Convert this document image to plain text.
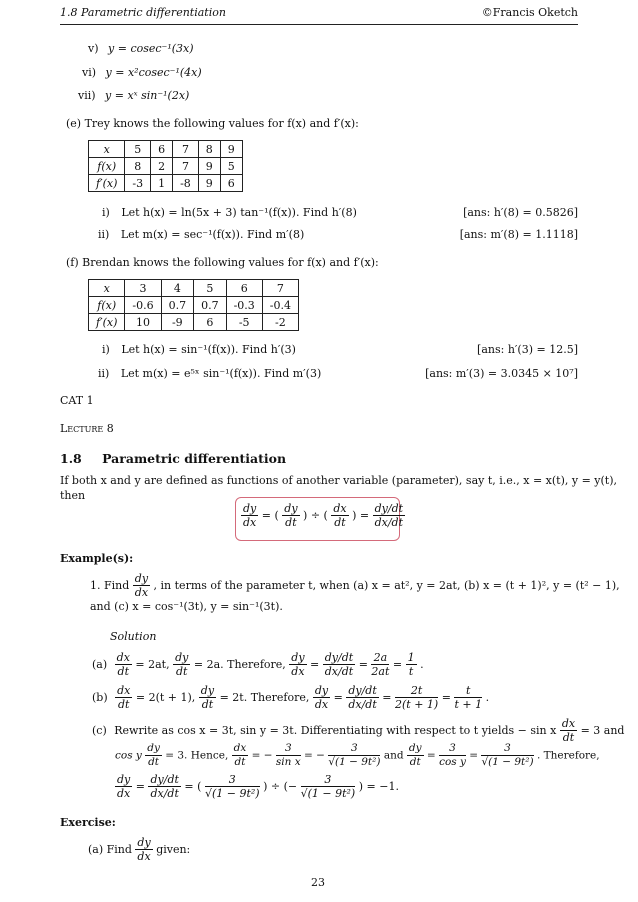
1.8 Parametric differentiation	©Francis Oketch
v) y = cosec⁻¹(3x)
vi) y = x²cosec⁻¹(4x)
vii) y = xˣ sin⁻¹(2x)
(e) Trey knows the following values for f(x) and f′(x):
x	5	6	7	8	9
f(x)	8	2	7	9	5
f′(x)	-3	1	-8	9	6
i) Let h(x) = ln(5x + 3) tan⁻¹(f(x)). Find h′(8)	[ans: h′(8) = 0.5826]
ii) Let m(x) = sec⁻¹(f(x)). Find m′(8)	[ans: m′(8) = 1.1118]
(f) Brendan knows the following values for f(x) and f′(x):
x	3	4	5	6	7
f(x)	-0.6	0.7	0.7	-0.3	-0.4
f′(x)	10	-9	6	-5	-2
i) Let h(x) = sin⁻¹(f(x)). Find h′(3)	[ans: h′(3) = 12.5]
ii) Let m(x) = e⁵ˣ sin⁻¹(f(x)). Find m′(3)	[ans: m′(3) = 3.0345 × 10⁷]
CAT 1
Lecture 8
1.8 Parametric differentiation
If both x and y are defined as functions of another variable (parameter), say t, i.e., x = x(t), y = y(t),
then
$\frac{dy}{dx}$ = ( $\frac{dy}{dt}$ ) ÷ ( $\frac{dx}{dt}$ ) = $\frac{dy/dt}{dx/dt}$
Example(s):
1. Find $\frac{dy}{dx}$ , in terms of the parameter t, when (a) x = at², y = 2at, (b) x = (t + 1)², y = (t² − 1),
and (c) x = cos⁻¹(3t), y = sin⁻¹(3t).
Solution
$(a) \frac{dx}{dt} = 2at$, $\frac{dy}{dt} = 2a$. Therefore, $\frac{dy}{dx} = \frac{dy/dt}{dx/dt} = \frac{2a}{2at} = \frac{1}{t}$ .
$(b) \frac{dx}{dt} = 2(t + 1)$, $\frac{dy}{dt} = 2t$. Therefore, $\frac{dy}{dx} = \frac{dy/dt}{dx/dt} = \frac{2t}{2(t + 1)} = \frac{t}{t + 1}$ .
(c) Rewrite as cos x = 3t, sin y = 3t. Differentiating with respect to t yields − sin x $\frac{dx}{dt} = 3$ and
cos y $\frac{dy}{dt} = 3$. Hence, $\frac{dx}{dt}$ = − $\frac{3}{\text{sin x}}$ = − $\frac{3}{\text{√(1 − 9t²)}}$ and $\frac{dy}{dt} = \frac{3}{\text{cos y}} = \frac{3}{\text{√(1 − 9t²)}}$ . Therefore,
$\frac{dy}{dx} = \frac{dy/dt}{dx/dt}$ = ( $\frac{3}{\text{√(1 − 9t²)}}$ ) ÷ (− $\frac{3}{\text{√(1 − 9t²)}}$ ) = −1.
Exercise:
(a) Find $\frac{dy}{dx}$ given:
23
